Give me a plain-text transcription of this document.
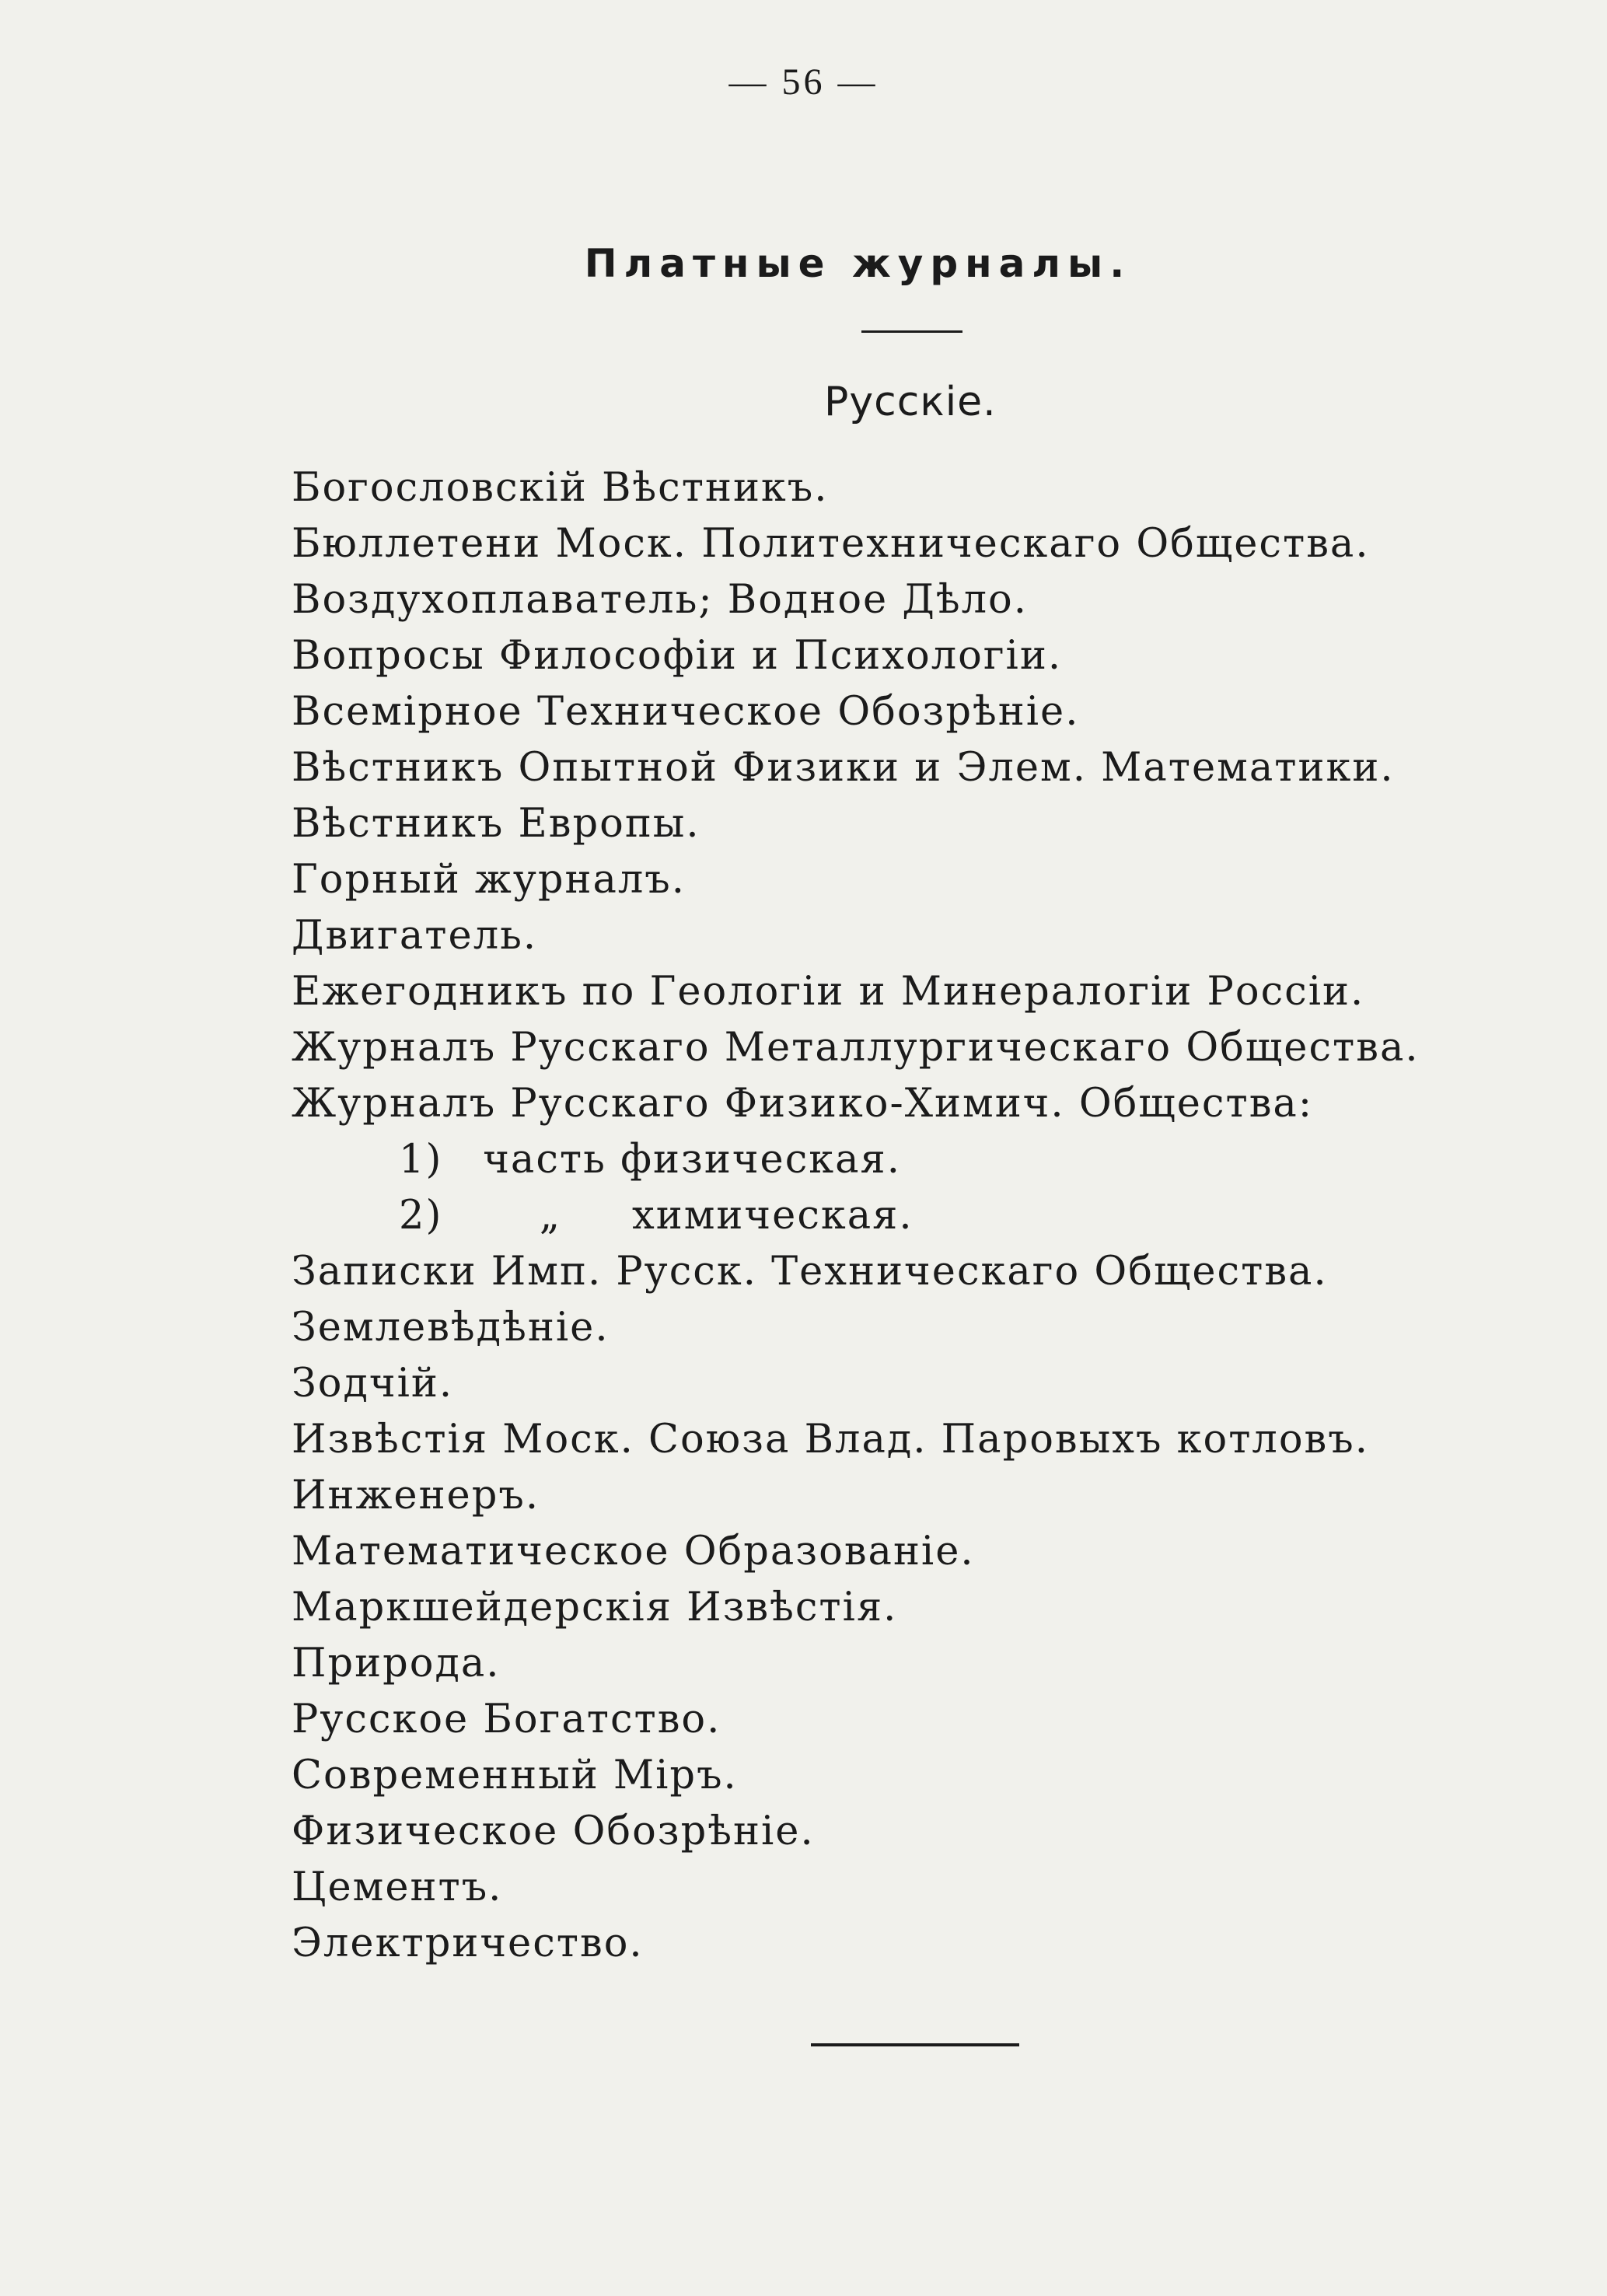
— 56 —
Платные журналы.
Русскіе.
Богословскій Вѣстникъ.
Бюллетени Моск. Политехническаго Общества.
Воздухоплаватель; Водное Дѣло.
Вопросы Философіи и Психологіи.
Всемірное Техническое Обозрѣніе.
Вѣстникъ Опытной Физики и Элем. Математики.
Вѣстникъ Европы.
Горный журналъ.
Двигатель.
Ежегодникъ по Геологіи и Минералогіи Россіи.
Журналъ Русскаго Металлургическаго Общества.
Журналъ Русскаго Физико-Химич. Общества:
1) часть физическая.
2) „ химическая.
Записки Имп. Русск. Техническаго Общества.
Землевѣдѣніе.
Зодчій.
Извѣстія Моск. Союза Влад. Паровыхъ котловъ.
Инженеръ.
Математическое Образованіе.
Маркшейдерскія Извѣстія.
Природа.
Русское Богатство.
Современный Міръ.
Физическое Обозрѣніе.
Цементъ.
Электричество.
